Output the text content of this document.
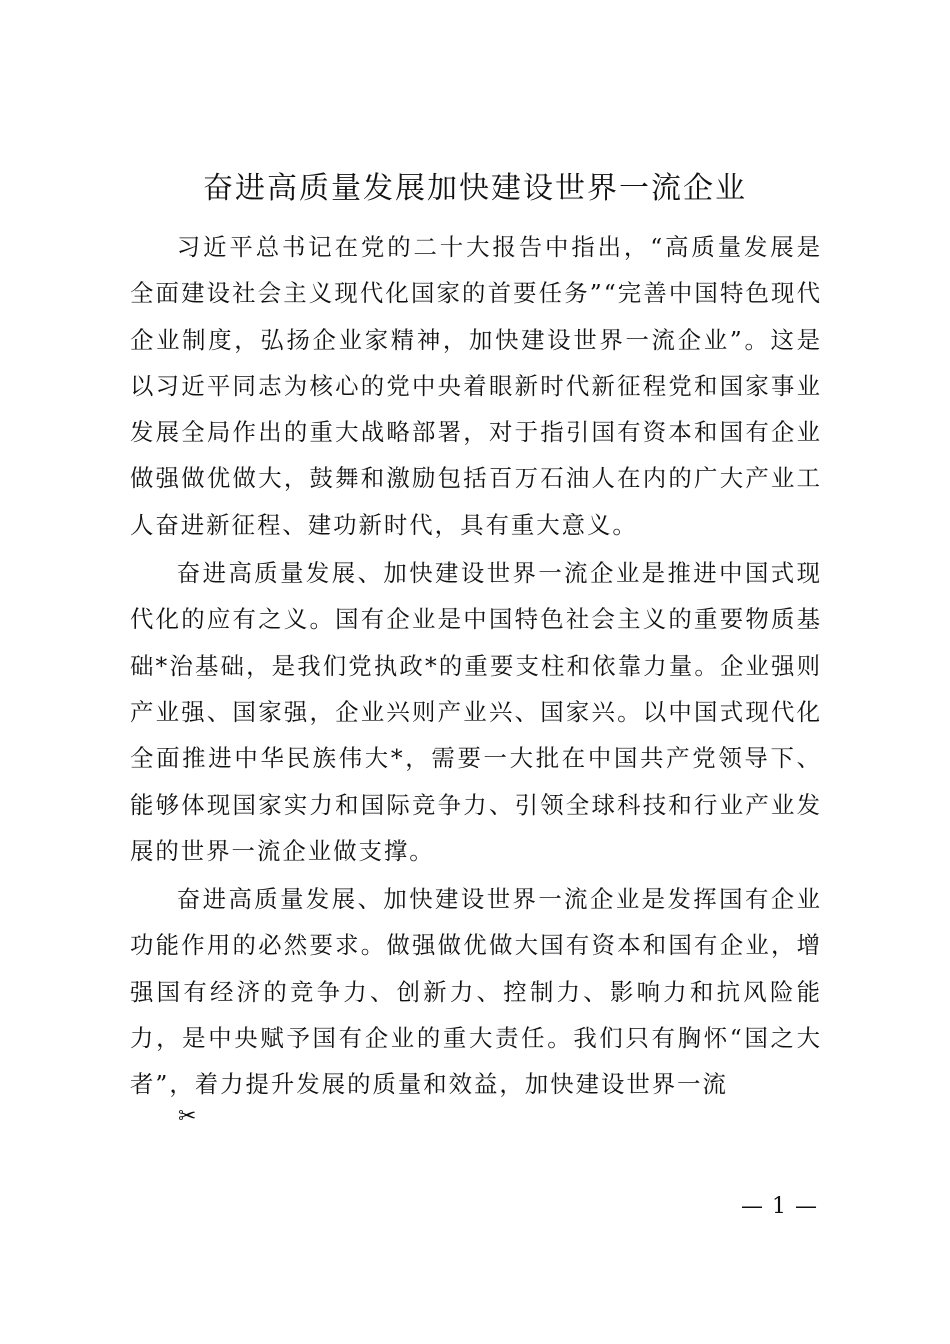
奋进高质量发展加快建设世界一流企业

习近平总书记在党的二十大报告中指出，“高质量发展是全面建设社会主义现代化国家的首要任务”“完善中国特色现代企业制度，弘扬企业家精神，加快建设世界一流企业”。这是以习近平同志为核心的党中央着眼新时代新征程党和国家事业发展全局作出的重大战略部署，对于指引国有资本和国有企业做强做优做大，鼓舞和激励包括百万石油人在内的广大产业工人奋进新征程、建功新时代，具有重大意义。

奋进高质量发展、加快建设世界一流企业是推进中国式现代化的应有之义。国有企业是中国特色社会主义的重要物质基础*治基础，是我们党执政*的重要支柱和依靠力量。企业强则产业强、国家强，企业兴则产业兴、国家兴。以中国式现代化全面推进中华民族伟大*，需要一大批在中国共产党领导下、能够体现国家实力和国际竞争力、引领全球科技和行业产业发展的世界一流企业做支撑。

奋进高质量发展、加快建设世界一流企业是发挥国有企业功能作用的必然要求。做强做优做大国有资本和国有企业，增强国有经济的竞争力、创新力、控制力、影响力和抗风险能力，是中央赋予国有企业的重大责任。我们只有胸怀“国之大者”，着力提升发展的质量和效益，加快建设世界一流

✂
— 1 —
